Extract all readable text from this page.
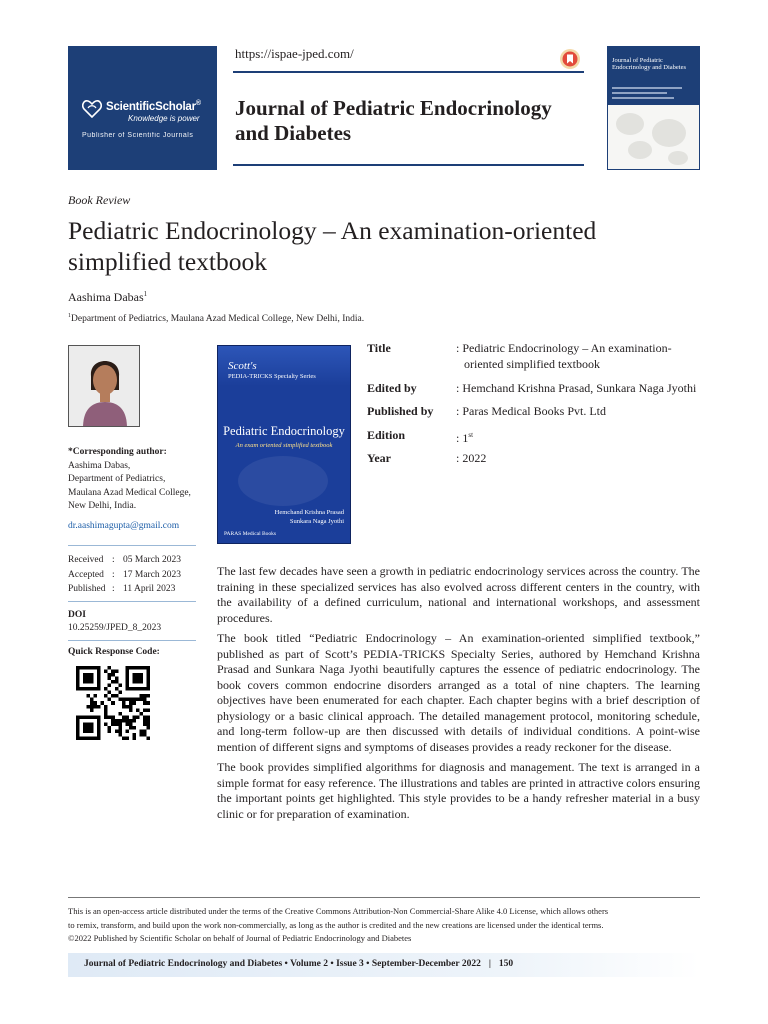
ScientificScholar®
Knowledge is power
Publisher of Scientific Journals
https://ispae-jped.com/
Journal of Pediatric Endocrinology and Diabetes
Journal of Pediatric Endocrinology and Diabetes
Book Review
Pediatric Endocrinology – An examination-oriented simplified textbook
Aashima Dabas$^1$
$^1$Department of Pediatrics, Maulana Azad Medical College, New Delhi, India.
*Corresponding author:
Aashima Dabas,
Department of Pediatrics,
Maulana Azad Medical College,
New Delhi, India.
dr.aashimagupta@gmail.com
Received : 05 March 2023
Accepted : 17 March 2023
Published : 11 April 2023
DOI
10.25259/JPED_8_2023
Quick Response Code:
Scott's
PEDIA-TRICKS Specialty Series
Pediatric Endocrinology
An exam oriented simplified textbook
Hemchand Krishna Prasad
Sunkara Naga Jyothi
PARAS Medical Books
Title	: Pediatric Endocrinology – An examination-
oriented simplified textbook
Edited by	: Hemchand Krishna Prasad, Sunkara Naga Jyothi
Published by : Paras Medical Books Pvt. Ltd
Edition	: 1st
Year	: 2022

The last few decades have seen a growth in pediatric endocrinology services across the country. The training in these specialized services has also evolved across different centers in the country, with the availability of a defined curriculum, national and international workshops, and assessment procedures.

The book titled “Pediatric Endocrinology – An examination-oriented simplified textbook,” published as part of Scott’s PEDIA-TRICKS Specialty Series, authored by Hemchand Krishna Prasad and Sunkara Naga Jyothi beautifully captures the essence of pediatric endocrinology. The book covers common endocrine disorders arranged as a total of nine chapters. The learning objectives have been enumerated for each chapter. Each chapter begins with a brief description of physiology or a basic clinical approach. The detailed management protocol, monitoring schedule, and long-term follow-up are then discussed with details of individual conditions. A point-wise mention of different signs and symptoms of diseases provides a ready reckoner for the disease.

The book provides simplified algorithms for diagnosis and management. The text is arranged in a simple format for easy reference. The illustrations and tables are printed in attractive colors ensuring the important points get highlighted. This style provides to be a handy refresher material in a busy clinic or for preparation of examination.

This is an open-access article distributed under the terms of the Creative Commons Attribution-Non Commercial-Share Alike 4.0 License, which allows others
to remix, transform, and build upon the work non-commercially, as long as the author is credited and the new creations are licensed under the identical terms.
©2022 Published by Scientific Scholar on behalf of Journal of Pediatric Endocrinology and Diabetes
Journal of Pediatric Endocrinology and Diabetes • Volume 2 • Issue 3 • September-December 2022 | 150
